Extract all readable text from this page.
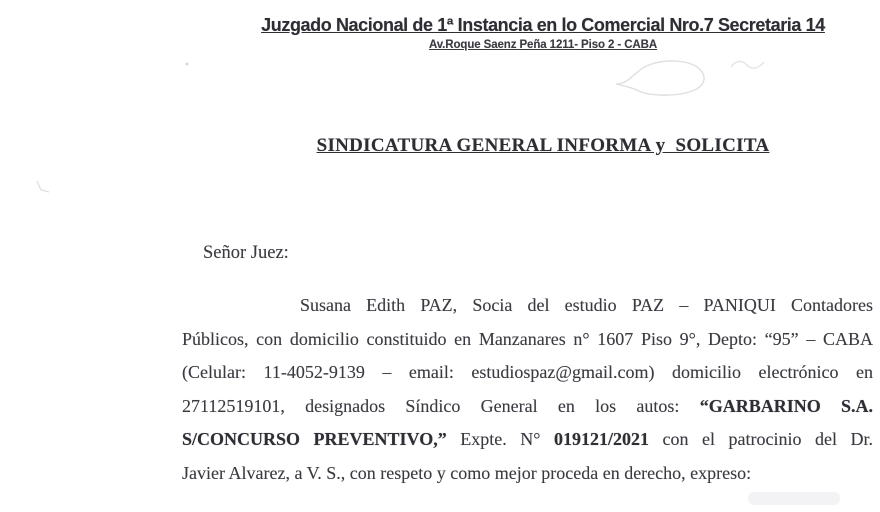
Juzgado Nacional de 1ª Instancia en lo Comercial Nro.7 Secretaria 14
Av.Roque Saenz Peña 1211- Piso 2 - CABA
SINDICATURA GENERAL INFORMA y  SOLICITA
Señor Juez:
Susana Edith PAZ, Socia del estudio PAZ – PANIQUI Contadores
Públicos, con domicilio constituido en Manzanares n° 1607 Piso 9°, Depto: “95” – CABA
(Celular: 11-4052-9139 – email: estudiospaz@gmail.com) domicilio electrónico en
27112519101, designados Síndico General en los autos: “GARBARINO S.A.
S/CONCURSO PREVENTIVO,” Expte. N° 019121/2021 con el patrocinio del Dr.
Javier Alvarez, a V. S., con respeto y como mejor proceda en derecho, expreso:
